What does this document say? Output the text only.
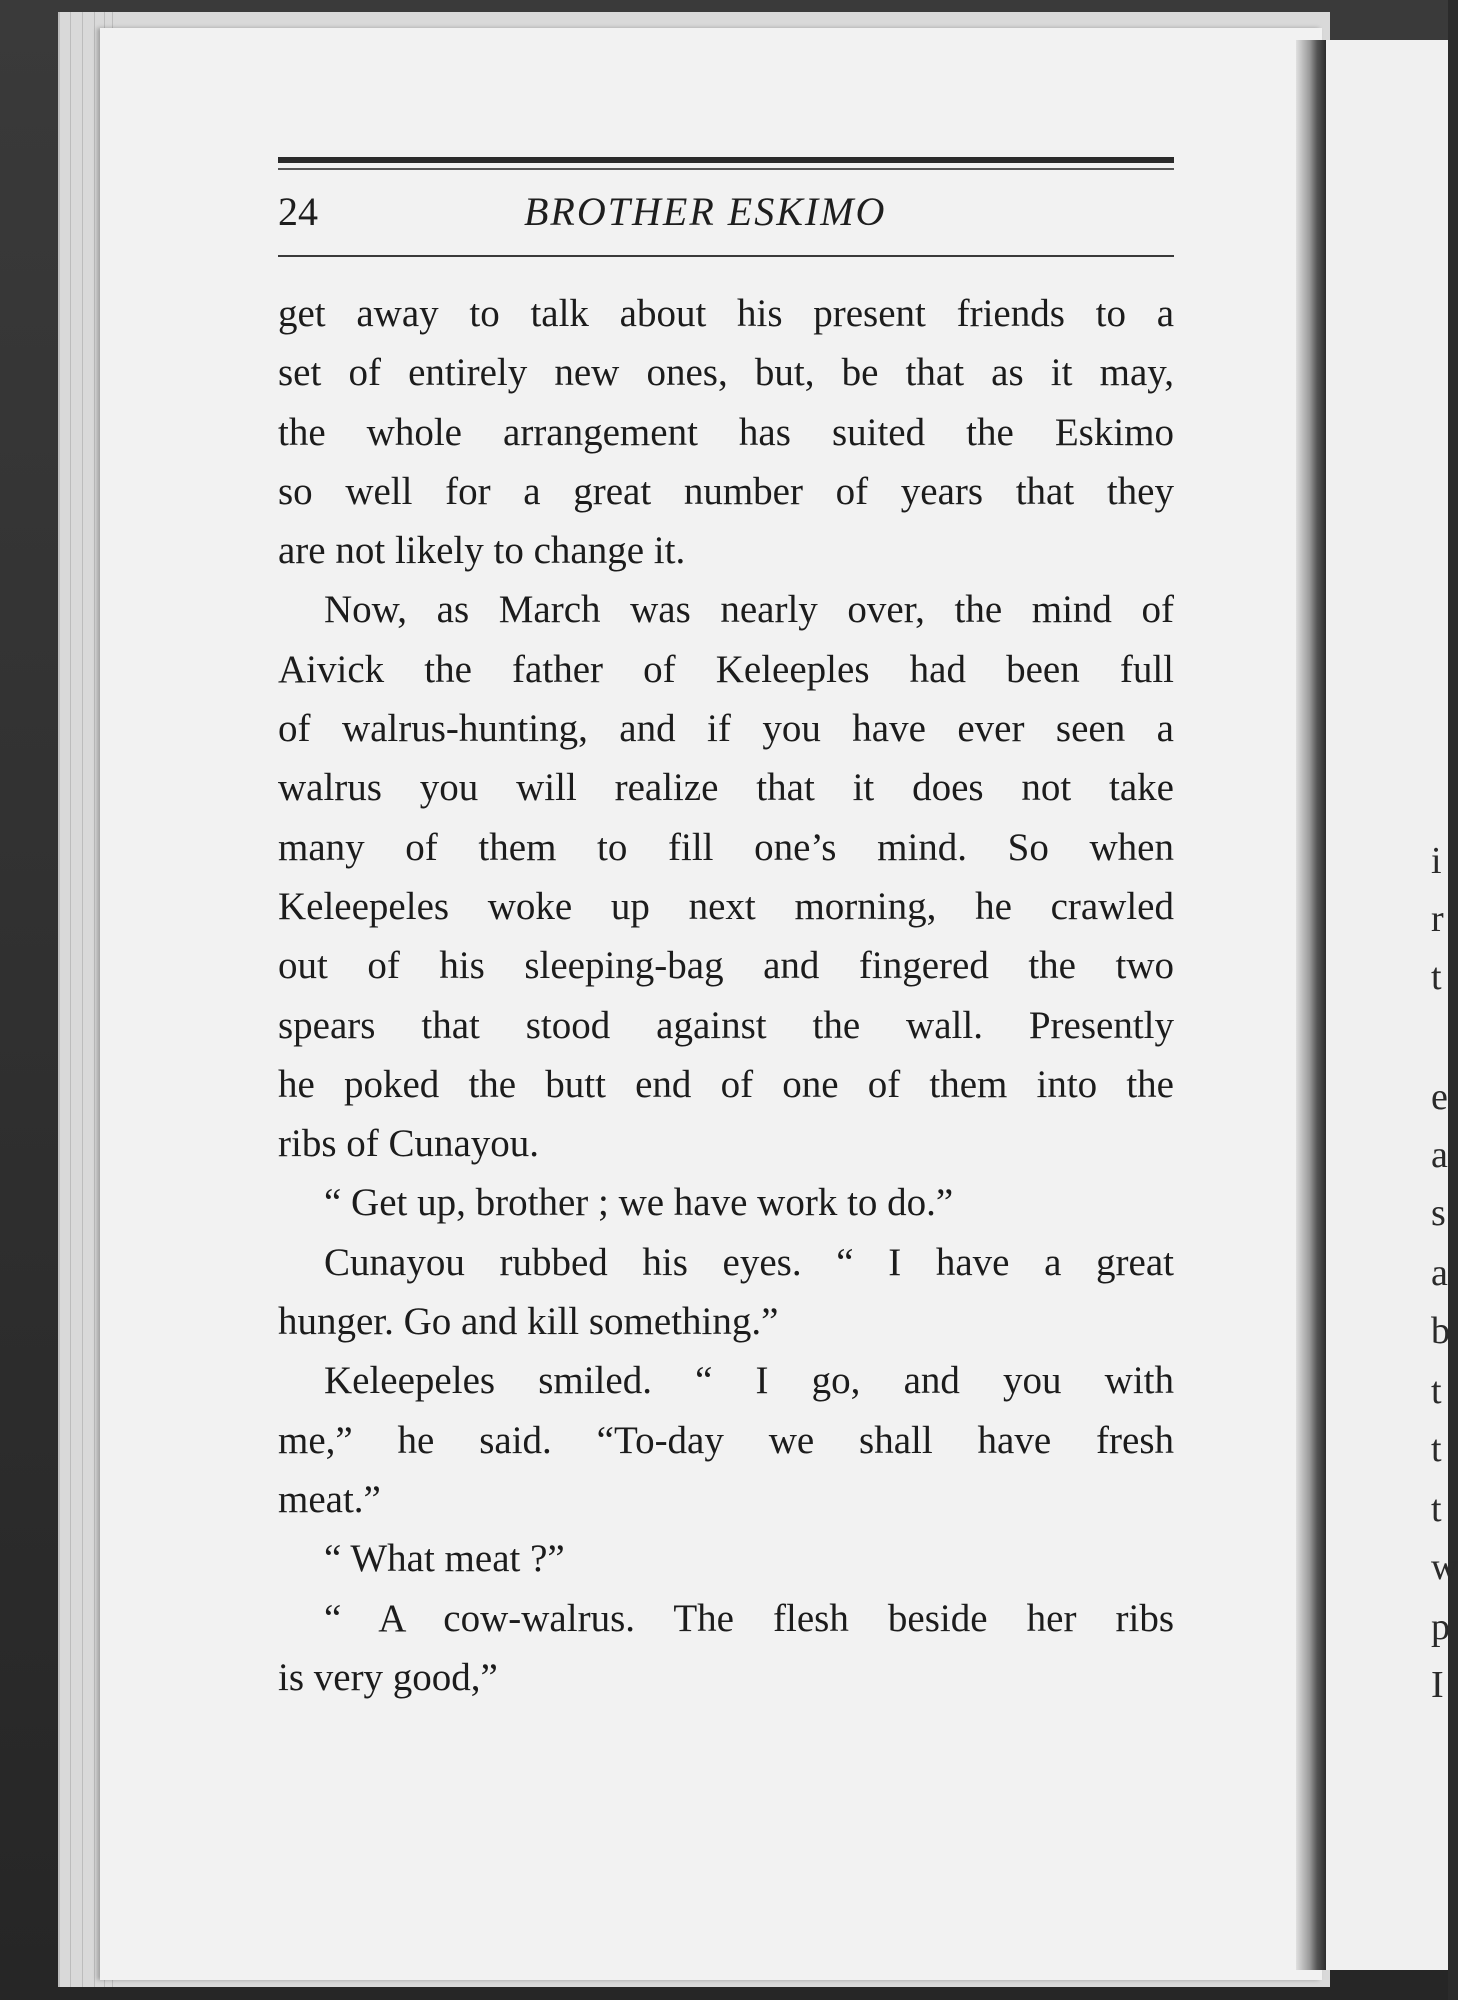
i
r
t
e
a
s
a
b
t
t
t
w
p
I
24	BROTHER ESKIMO
get away to talk about his present friends to a
set of entirely new ones, but, be that as it may,
the whole arrangement has suited the Eskimo
so well for a great number of years that they
are not likely to change it.
Now, as March was nearly over, the mind of
Aivick the father of Keleeples had been full
of walrus-hunting, and if you have ever seen a
walrus you will realize that it does not take
many of them to fill one’s mind. So when
Keleepeles woke up next morning, he crawled
out of his sleeping-bag and fingered the two
spears that stood against the wall. Presently
he poked the butt end of one of them into the
ribs of Cunayou.
“ Get up, brother ; we have work to do.”
Cunayou rubbed his eyes. “ I have a great
hunger. Go and kill something.”
Keleepeles smiled. “ I go, and you with
me,” he said. “To-day we shall have fresh
meat.”
“ What meat ?”
“ A cow-walrus. The flesh beside her ribs
is very good,”
